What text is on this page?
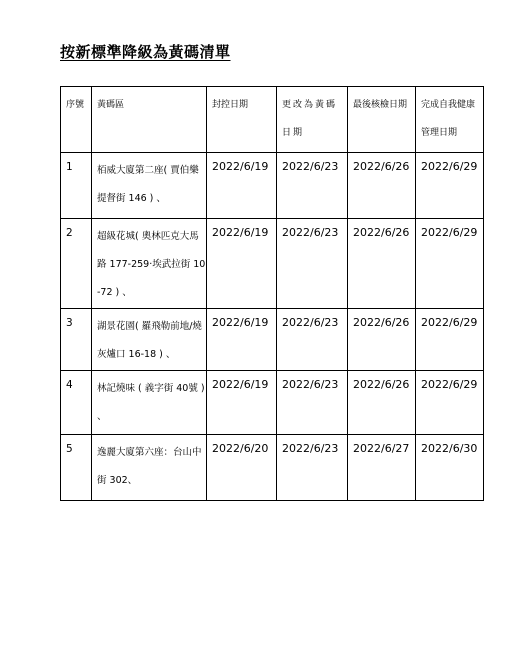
按新標準降級為黃碼清單
序號	黃碼區	封控日期	更改為黃碼日期	最後核檢日期	完成自我健康管理日期
1	栢威大廈第二座( 賈伯樂提督街 146 ) 、	2022/6/19	2022/6/23	2022/6/26	2022/6/29
2	超級花城( 奧林匹克大馬路 177-259‧埃武拉街 10-72 ) 、	2022/6/19	2022/6/23	2022/6/26	2022/6/29
3	湖景花園( 羅飛勒前地/燒灰爐口 16-18 ) 、	2022/6/19	2022/6/23	2022/6/26	2022/6/29
4	林記燒味 ( 義字街 40號 ) 、	2022/6/19	2022/6/23	2022/6/26	2022/6/29
5	逸麗大廈第六座：台山中街 302、	2022/6/20	2022/6/23	2022/6/27	2022/6/30
